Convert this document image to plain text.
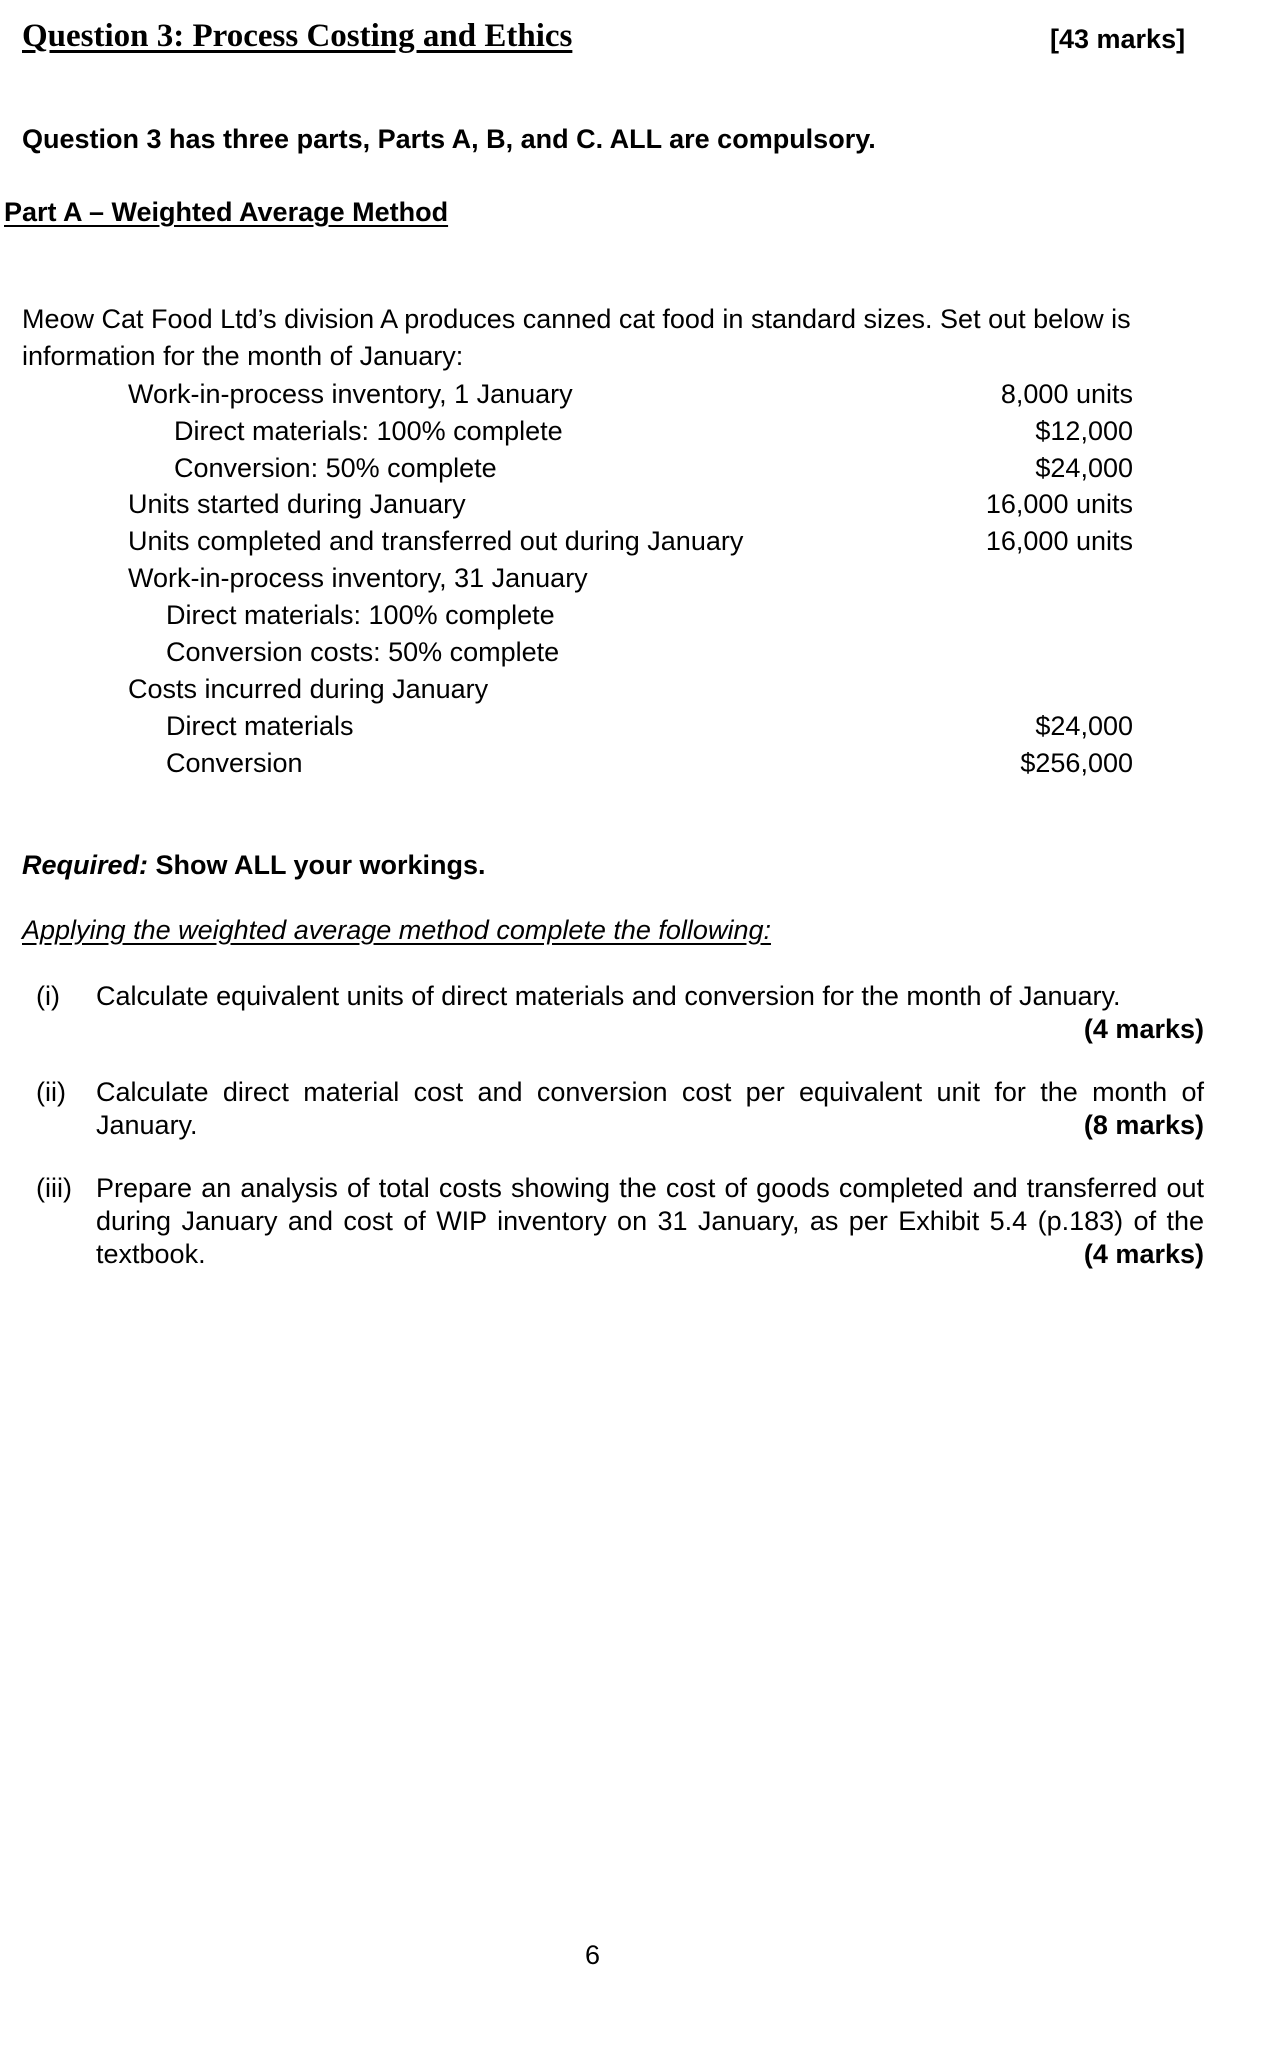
Question 3: Process Costing and Ethics	[43 marks]
Question 3 has three parts, Parts A, B, and C. ALL are compulsory.
Part A – Weighted Average Method
Meow Cat Food Ltd’s division A produces canned cat food in standard sizes. Set out below is information for the month of January:
Work-in-process inventory, 1 January	8,000 units
Direct materials: 100% complete	$12,000
Conversion: 50% complete	$24,000
Units started during January	16,000 units
Units completed and transferred out during January	16,000 units
Work-in-process inventory, 31 January
Direct materials: 100% complete
Conversion costs: 50% complete
Costs incurred during January
Direct materials	$24,000
Conversion	$256,000
Required: Show ALL your workings.
Applying the weighted average method complete the following:
(i) Calculate equivalent units of direct materials and conversion for the month of January.
(4 marks)
(ii) Calculate direct material cost and conversion cost per equivalent unit for the month of January.	(8 marks)
(iii) Prepare an analysis of total costs showing the cost of goods completed and transferred out during January and cost of WIP inventory on 31 January, as per Exhibit 5.4 (p.183) of the textbook.	(4 marks)
6
